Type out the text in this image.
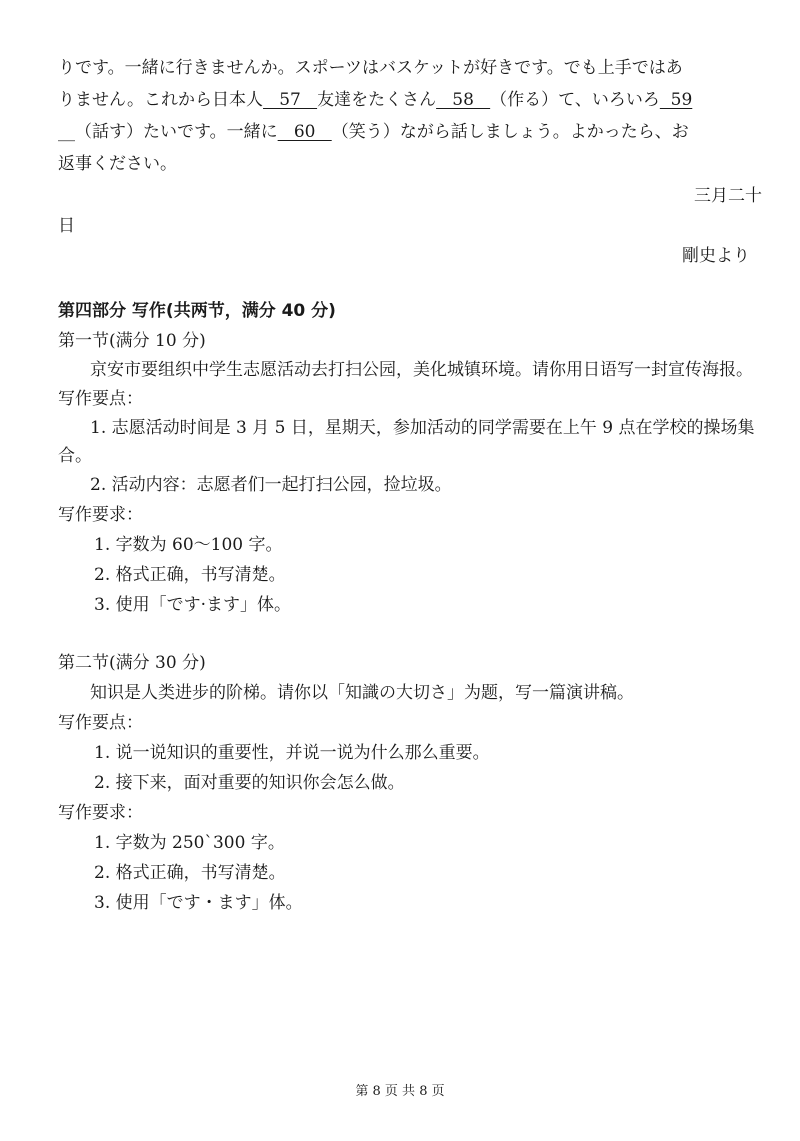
りです。一緒に行きませんか。スポーツはバスケットが好きです。でも上手ではあ
りません。これから日本人   57   友達をたくさん   58   （作る）て、いろいろ  59
__（話す）たいです。一緒に   60   （笑う）ながら話しましょう。よかったら、お
返事ください。
三月二十
日
剛史より
第四部分 写作(共两节，满分 40 分)
第一节(满分 10 分)
京安市要组织中学生志愿活动去打扫公园，美化城镇环境。请你用日语写一封宣传海报。
写作要点：
1. 志愿活动时间是 3 月 5 日，星期天，参加活动的同学需要在上午 9 点在学校的操场集合。
2. 活动内容：志愿者们一起打扫公园，捡垃圾。
写作要求：
1. 字数为 60～100 字。
2. 格式正确，书写清楚。
3. 使用「です·ます」体。
第二节(满分 30 分)
知识是人类进步的阶梯。请你以「知識の大切さ」为题，写一篇演讲稿。
写作要点：
1. 说一说知识的重要性，并说一说为什么那么重要。
2. 接下来，面对重要的知识你会怎么做。
写作要求：
1. 字数为 250`300 字。
2. 格式正确，书写清楚。
3. 使用「です・ます」体。
第 8 页 共 8 页
